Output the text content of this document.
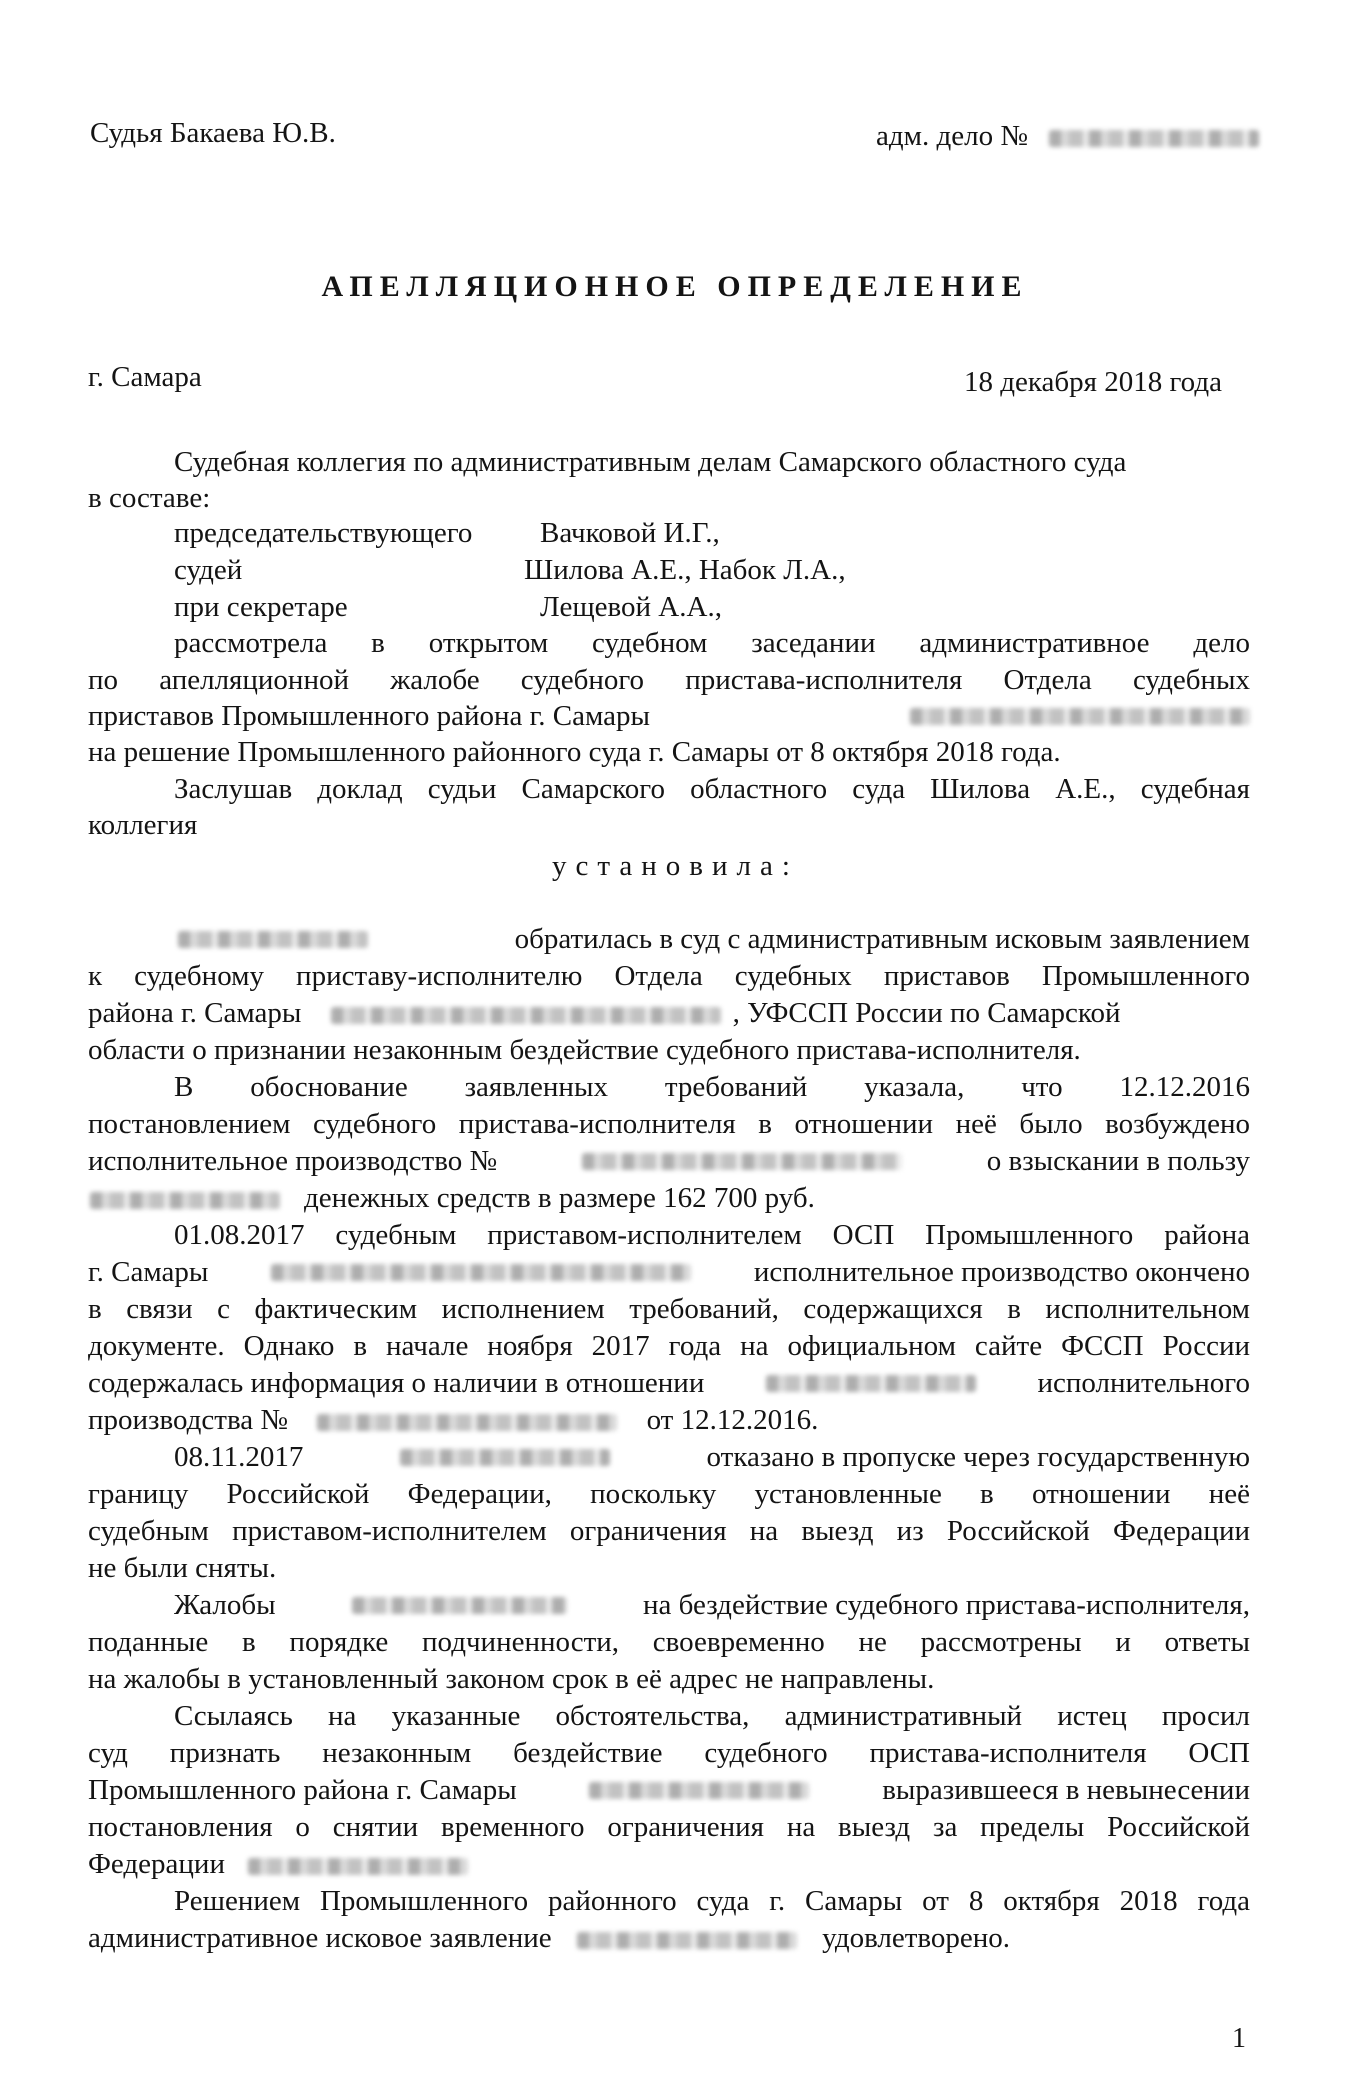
Судья Бакаева Ю.В.	адм. дело №
АПЕЛЛЯЦИОННОЕ ОПРЕДЕЛЕНИЕ
г. Самара	18 декабря 2018 года
Судебная коллегия по административным делам Самарского областного суда
в составе:
председательствующего Вачковой И.Г.,
судей	Шилова А.Е., Набок Л.А.,
при секретаре	Лещевой А.А.,
рассмотрела в открытом судебном заседании административное дело
по апелляционной жалобе судебного пристава-исполнителя Отдела судебных
приставов Промышленного района г. Самары
на решение Промышленного районного суда г. Самары от 8 октября 2018 года.
Заслушав доклад судьи Самарского областного суда Шилова А.Е., судебная
коллегия
установила:
обратилась в суд с административным исковым заявлением
к судебному приставу-исполнителю Отдела судебных приставов Промышленного
района г. Самары	, УФССП России по Самарской
области о признании незаконным бездействие судебного пристава-исполнителя.
В обоснование заявленных требований указала, что 12.12.2016
постановлением судебного пристава-исполнителя в отношении неё было возбуждено
исполнительное производство №	о взыскании в пользу
денежных средств в размере 162 700 руб.
01.08.2017 судебным приставом-исполнителем ОСП Промышленного района
г. Самары	исполнительное производство окончено
в связи с фактическим исполнением требований, содержащихся в исполнительном
документе. Однако в начале ноября 2017 года на официальном сайте ФССП России
содержалась информация о наличии в отношении	исполнительного
производства №	от 12.12.2016.
08.11.2017	отказано в пропуске через государственную
границу Российской Федерации, поскольку установленные в отношении неё
судебным приставом-исполнителем ограничения на выезд из Российской Федерации
не были сняты.
Жалобы	на бездействие судебного пристава-исполнителя,
поданные в порядке подчиненности, своевременно не рассмотрены и ответы
на жалобы в установленный законом срок в её адрес не направлены.
Ссылаясь на указанные обстоятельства, административный истец просил
суд признать незаконным бездействие судебного пристава-исполнителя ОСП
Промышленного района г. Самары	выразившееся в невынесении
постановления о снятии временного ограничения на выезд за пределы Российской
Федерации
Решением Промышленного районного суда г. Самары от 8 октября 2018 года
административное исковое заявление	удовлетворено.
1
